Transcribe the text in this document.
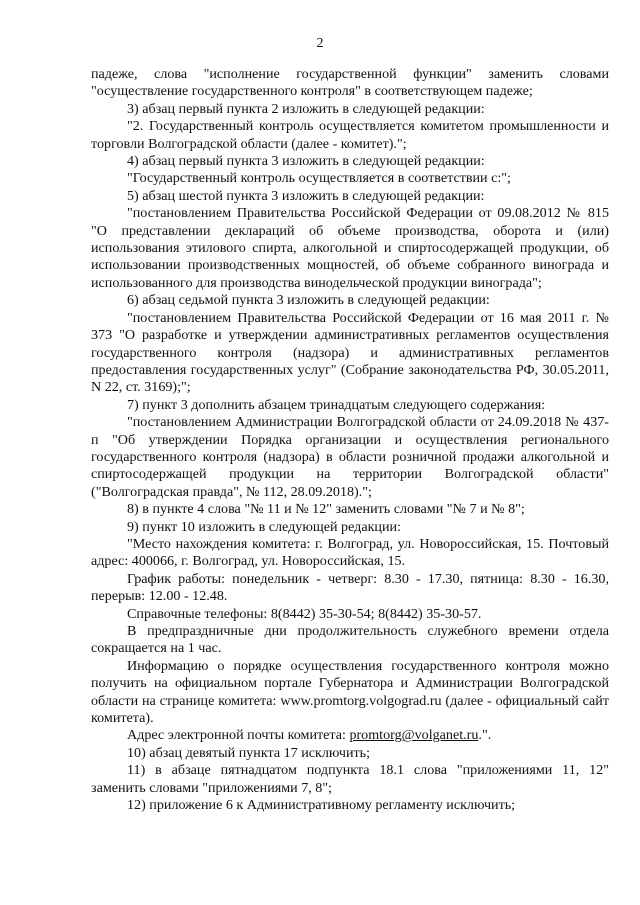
2

падеже, слова "исполнение государственной функции" заменить словами "осуществление государственного контроля" в соответствующем падеже;

3) абзац первый пункта 2 изложить в следующей редакции:

"2. Государственный контроль осуществляется комитетом промышленности и торговли Волгоградской области (далее - комитет).";

4) абзац первый пункта 3 изложить в следующей редакции:

"Государственный контроль осуществляется в соответствии с:";

5) абзац шестой пункта 3 изложить в следующей редакции:

"постановлением Правительства Российской Федерации от 09.08.2012 № 815 "О представлении деклараций об объеме производства, оборота и (или) использования этилового спирта, алкогольной и спиртосодержащей продукции, об использовании производственных мощностей, об объеме собранного винограда и использованного для производства винодельческой продукции винограда";

6) абзац седьмой пункта 3 изложить в следующей редакции:

"постановлением Правительства Российской Федерации от 16 мая 2011 г. № 373 "О разработке и утверждении административных регламентов осуществления государственного контроля (надзора) и административных регламентов предоставления государственных услуг" (Собрание законодательства РФ, 30.05.2011, N 22, ст. 3169);";

7) пункт 3 дополнить абзацем тринадцатым следующего содержания:

"постановлением Администрации Волгоградской области от 24.09.2018 № 437-п "Об утверждении Порядка организации и осуществления регионального государственного контроля (надзора) в области розничной продажи алкогольной и спиртосодержащей продукции на территории Волгоградской области" ("Волгоградская правда", № 112, 28.09.2018).";

8) в пункте 4 слова "№ 11 и № 12" заменить словами "№ 7 и № 8";

9) пункт 10 изложить в следующей редакции:

"Место нахождения комитета: г. Волгоград, ул. Новороссийская, 15. Почтовый адрес: 400066, г. Волгоград, ул. Новороссийская, 15.

График работы: понедельник - четверг: 8.30 - 17.30, пятница: 8.30 - 16.30, перерыв: 12.00 - 12.48.

Справочные телефоны: 8(8442) 35-30-54; 8(8442) 35-30-57.

В предпраздничные дни продолжительность служебного времени отдела сокращается на 1 час.

Информацию о порядке осуществления государственного контроля можно получить на официальном портале Губернатора и Администрации Волгоградской области на странице комитета: www.promtorg.volgograd.ru (далее - официальный сайт комитета).

Адрес электронной почты комитета: promtorg@volganet.ru.".

10) абзац девятый пункта 17 исключить;

11) в абзаце пятнадцатом подпункта 18.1 слова "приложениями 11, 12" заменить словами "приложениями 7, 8";

12) приложение 6 к Административному регламенту исключить;
